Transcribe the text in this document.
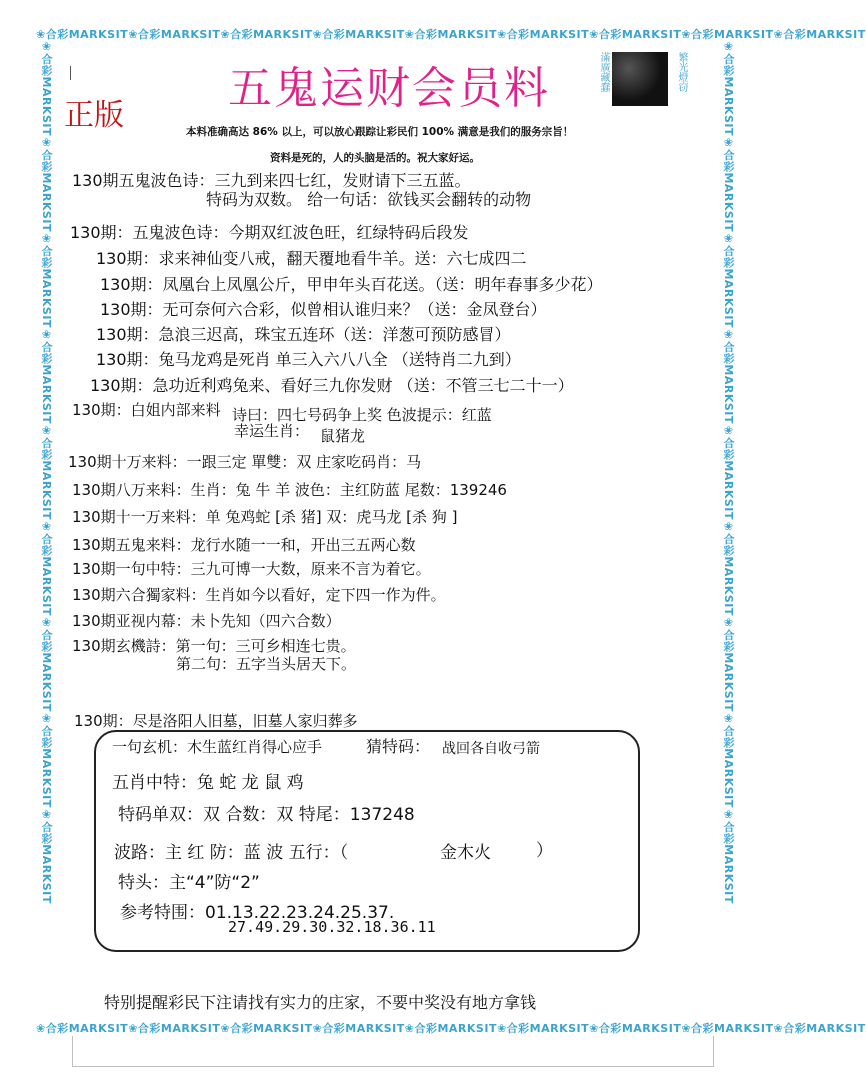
❀合彩MARKSIT❀合彩MARKSIT❀合彩MARKSIT❀合彩MARKSIT❀合彩MARKSIT❀合彩MARKSIT❀合彩MARKSIT❀合彩MARKSIT❀合彩MARKSIT
❀合彩MARKSIT❀合彩MARKSIT❀合彩MARKSIT❀合彩MARKSIT❀合彩MARKSIT❀合彩MARKSIT❀合彩MARKSIT❀合彩MARKSIT❀合彩MARKSIT
❀合彩MARKSIT❀合彩MARKSIT❀合彩MARKSIT❀合彩MARKSIT❀合彩MARKSIT❀合彩MARKSIT❀合彩MARKSIT❀合彩MARKSIT❀合彩MARKSIT	❀合彩MARKSIT❀合彩MARKSIT❀合彩MARKSIT❀合彩MARKSIT❀合彩MARKSIT❀合彩MARKSIT❀合彩MARKSIT❀合彩MARKSIT❀合彩MARKSIT
正版
五鬼运财会员料	滿廣藏蠢	繁光燈窃
本料准确高达 86% 以上，可以放心跟踪让彩民们 100% 满意是我们的服务宗旨！
资料是死的，人的头脑是活的。祝大家好运。
130期五鬼波色诗：三九到来四七红，发财请下三五蓝。
特码为双数。 给一句话：欲钱买会翻转的动物
130期：五鬼波色诗：今期双红波色旺，红绿特码后段发
130期：求来神仙变八戒，翻天覆地看牛羊。送：六七成四二
130期：凤凰台上凤凰公斤，甲申年头百花送。（送：明年春事多少花）
130期：无可奈何六合彩，似曾相认谁归来？（送：金凤登台）
130期：急浪三迟高，珠宝五连环（送：洋葱可预防感冒）
130期：兔马龙鸡是死肖 单三入六八八全 （送特肖二九到）
130期：急功近利鸡兔来、看好三九你发财 （送：不管三七二十一）
130期：白姐内部来料 诗曰：四七号码争上奖 色波提示：红蓝
幸运生肖： 鼠猪龙
130期十万来料：一跟三定 單雙：双 庄家吃码肖：马
130期八万来料：生肖：兔 牛 羊 波色：主红防蓝 尾数：139246
130期十一万来料：单 兔鸡蛇 [杀 猪] 双：虎马龙 [杀 狗 ]
130期五鬼来料：龙行水随一一和，开出三五两心数
130期一句中特：三九可博一大数，原来不言为着它。
130期六合獨家料：生肖如今以看好，定下四一作为件。
130期亚视内幕：未卜先知（四六合数）
130期玄機詩：第一句：三可乡相连七贵。
第二句：五字当头居天下。
130期：尽是洛阳人旧墓，旧墓人家归葬多
一句玄机：木生蓝红肖得心应手	猜特码： 战回各自收弓箭
五肖中特：兔 蛇 龙 鼠 鸡
特码单双：双 合数：双 特尾：137248
波路：主 红 防：蓝 波 五行：（	金木火	）
特头：主“4”防“2”
参考特围：01.13.22.23.24.25.37.
27.49.29.30.32.18.36.11
特别提醒彩民下注请找有实力的庄家，不要中奖没有地方拿钱
